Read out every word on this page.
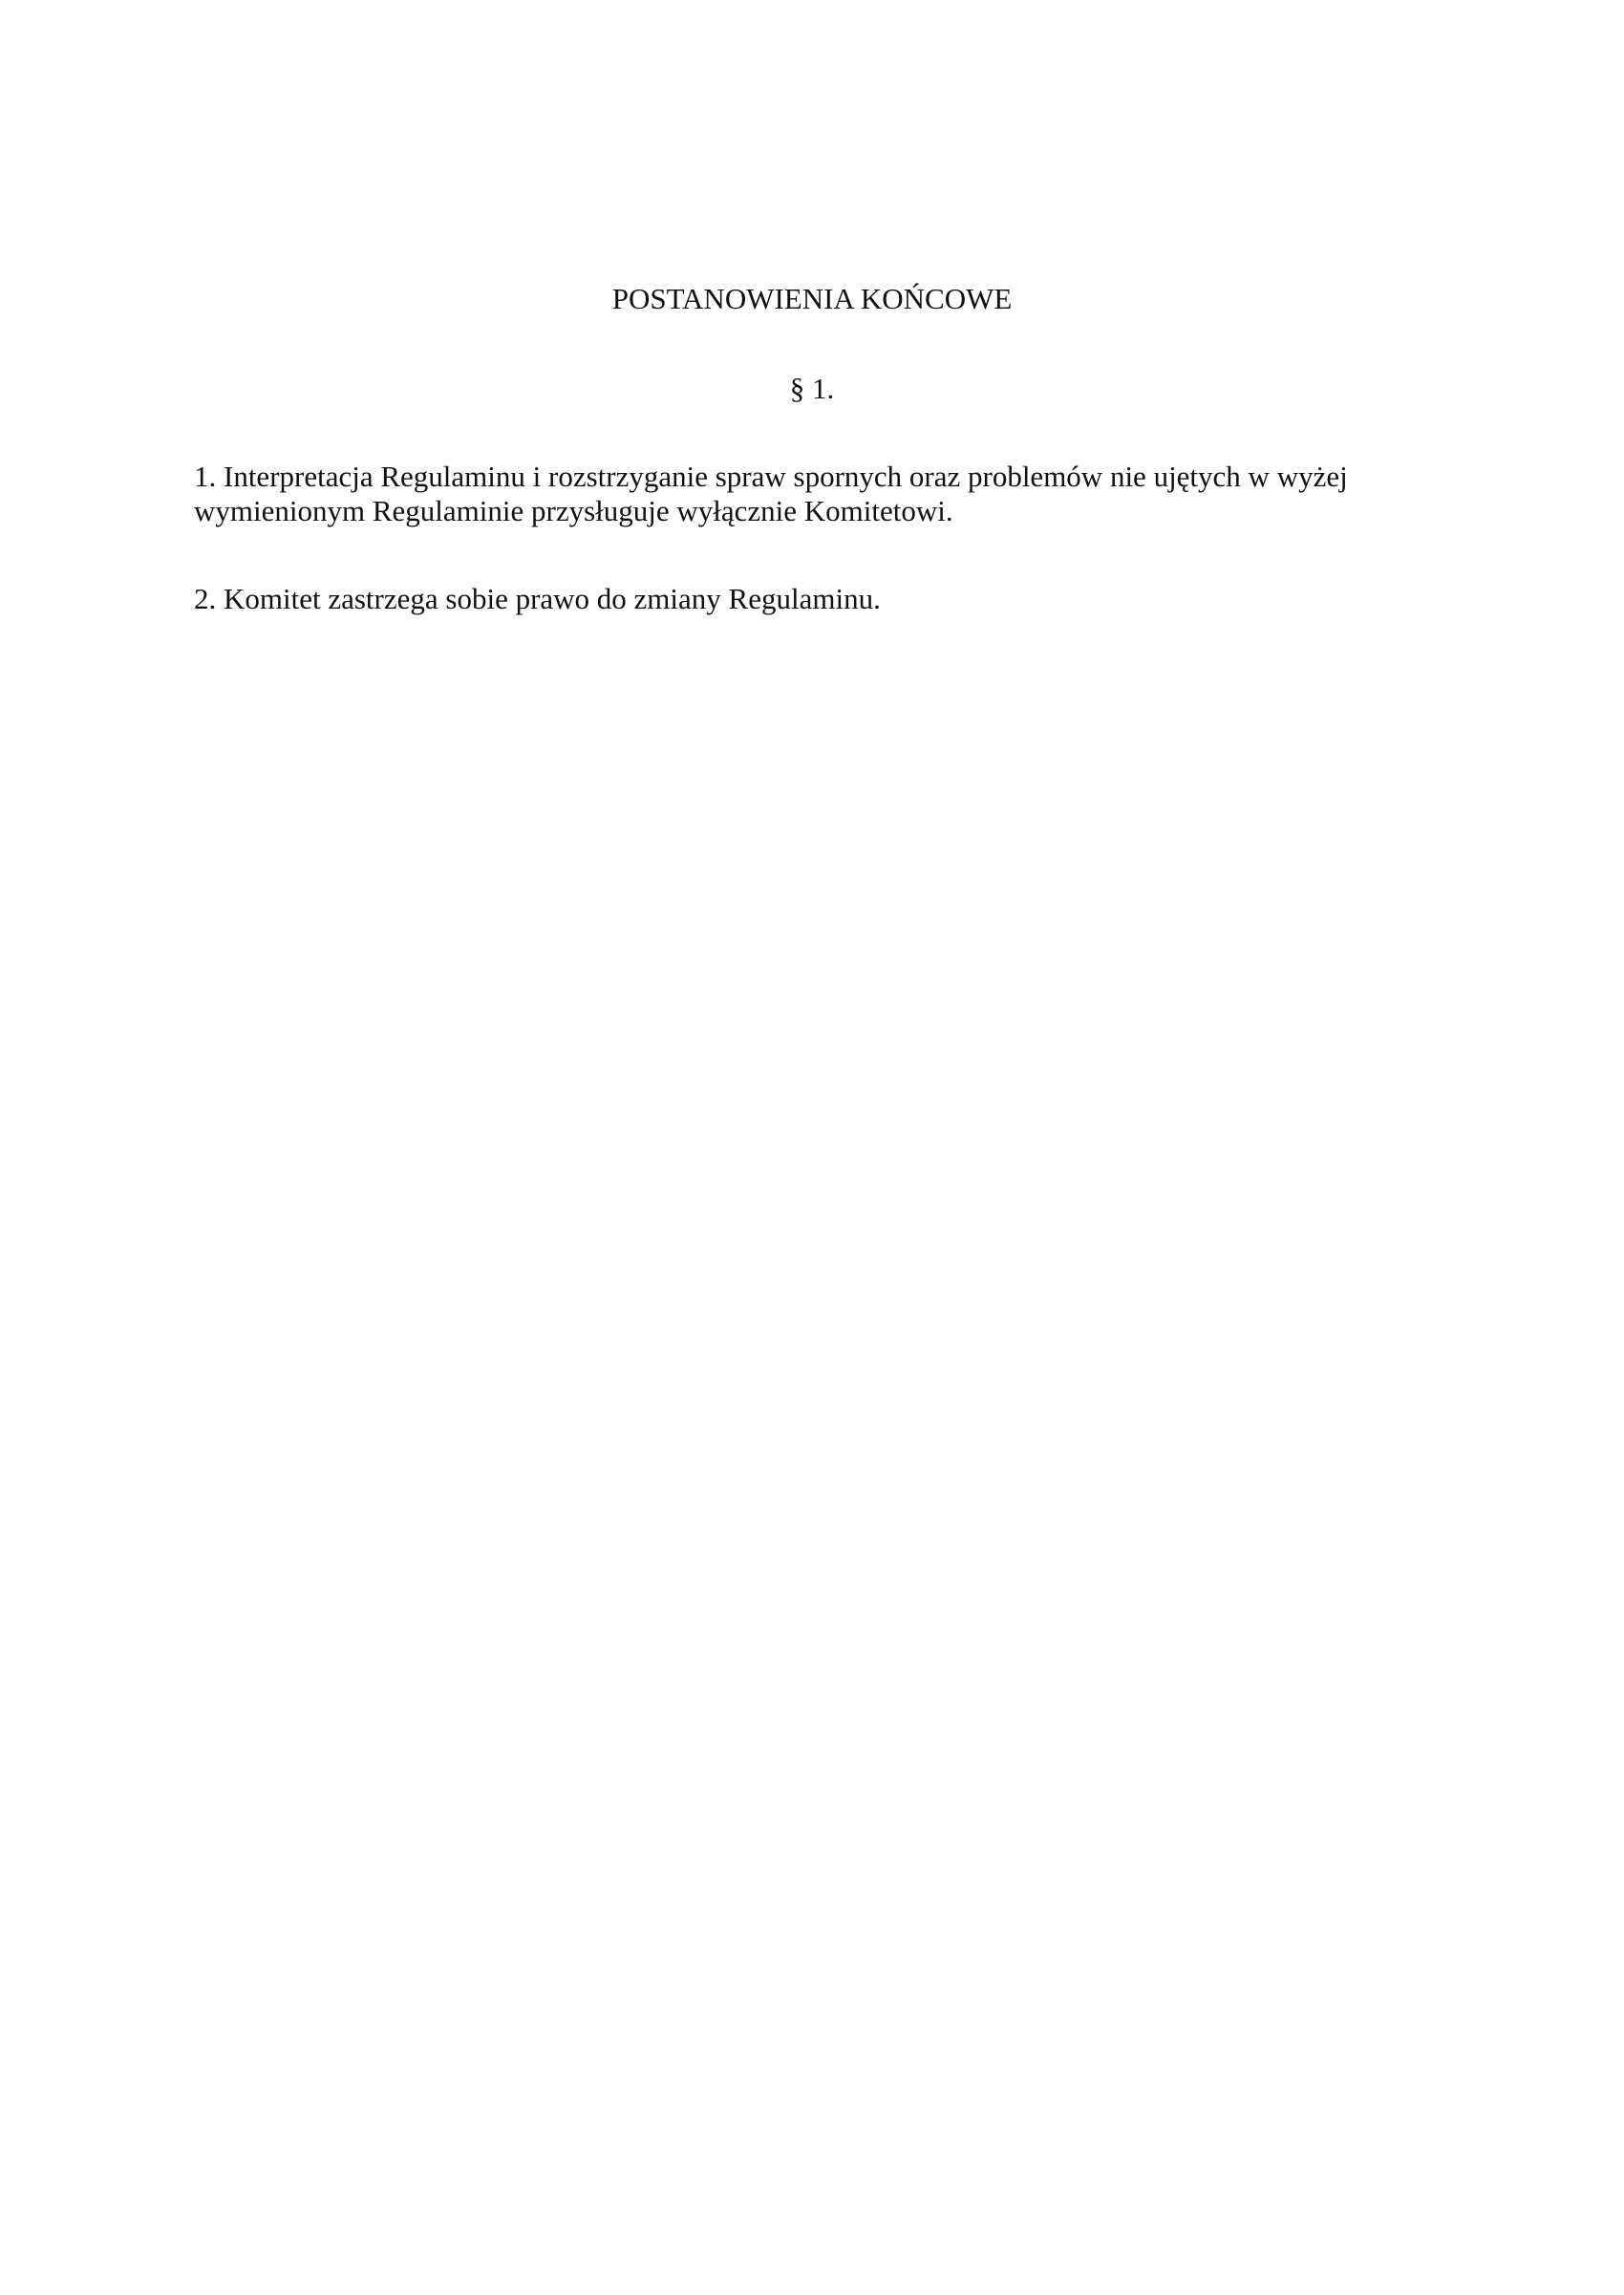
POSTANOWIENIA KOŃCOWE
§ 1.

1. Interpretacja Regulaminu i rozstrzyganie spraw spornych oraz problemów nie ujętych w wyżej
wymienionym Regulaminie przysługuje wyłącznie Komitetowi.

2. Komitet zastrzega sobie prawo do zmiany Regulaminu.
